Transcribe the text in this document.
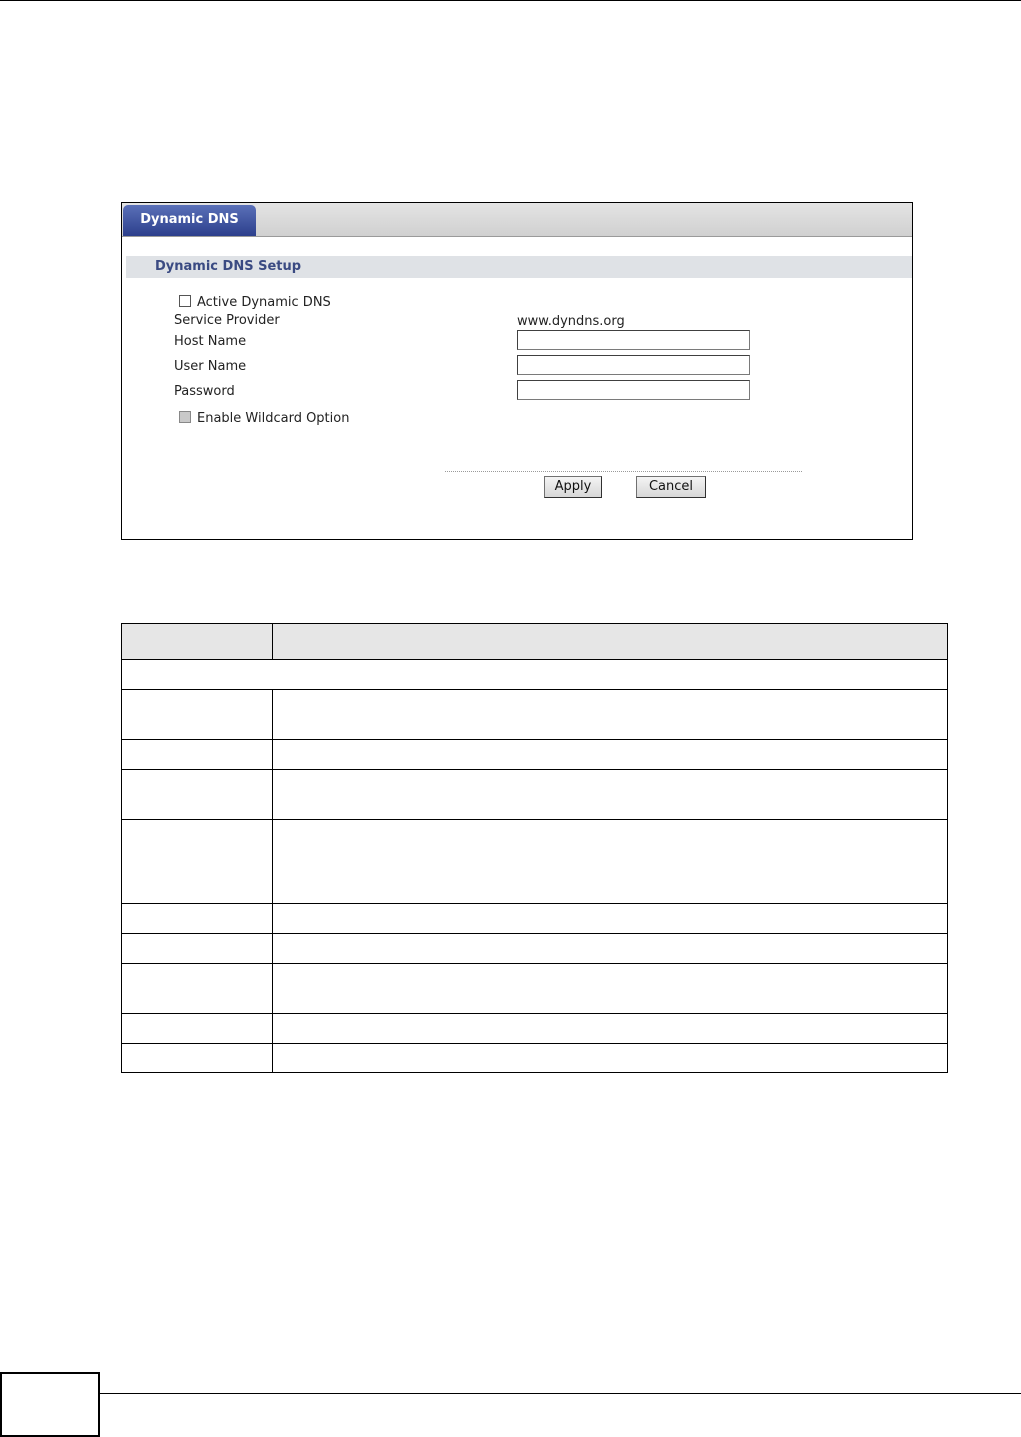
Dynamic DNS
Dynamic DNS Setup
Active Dynamic DNS
Service Provider	www.dyndns.org
Host Name
User Name
Password
Enable Wildcard Option
Apply	Cancel
